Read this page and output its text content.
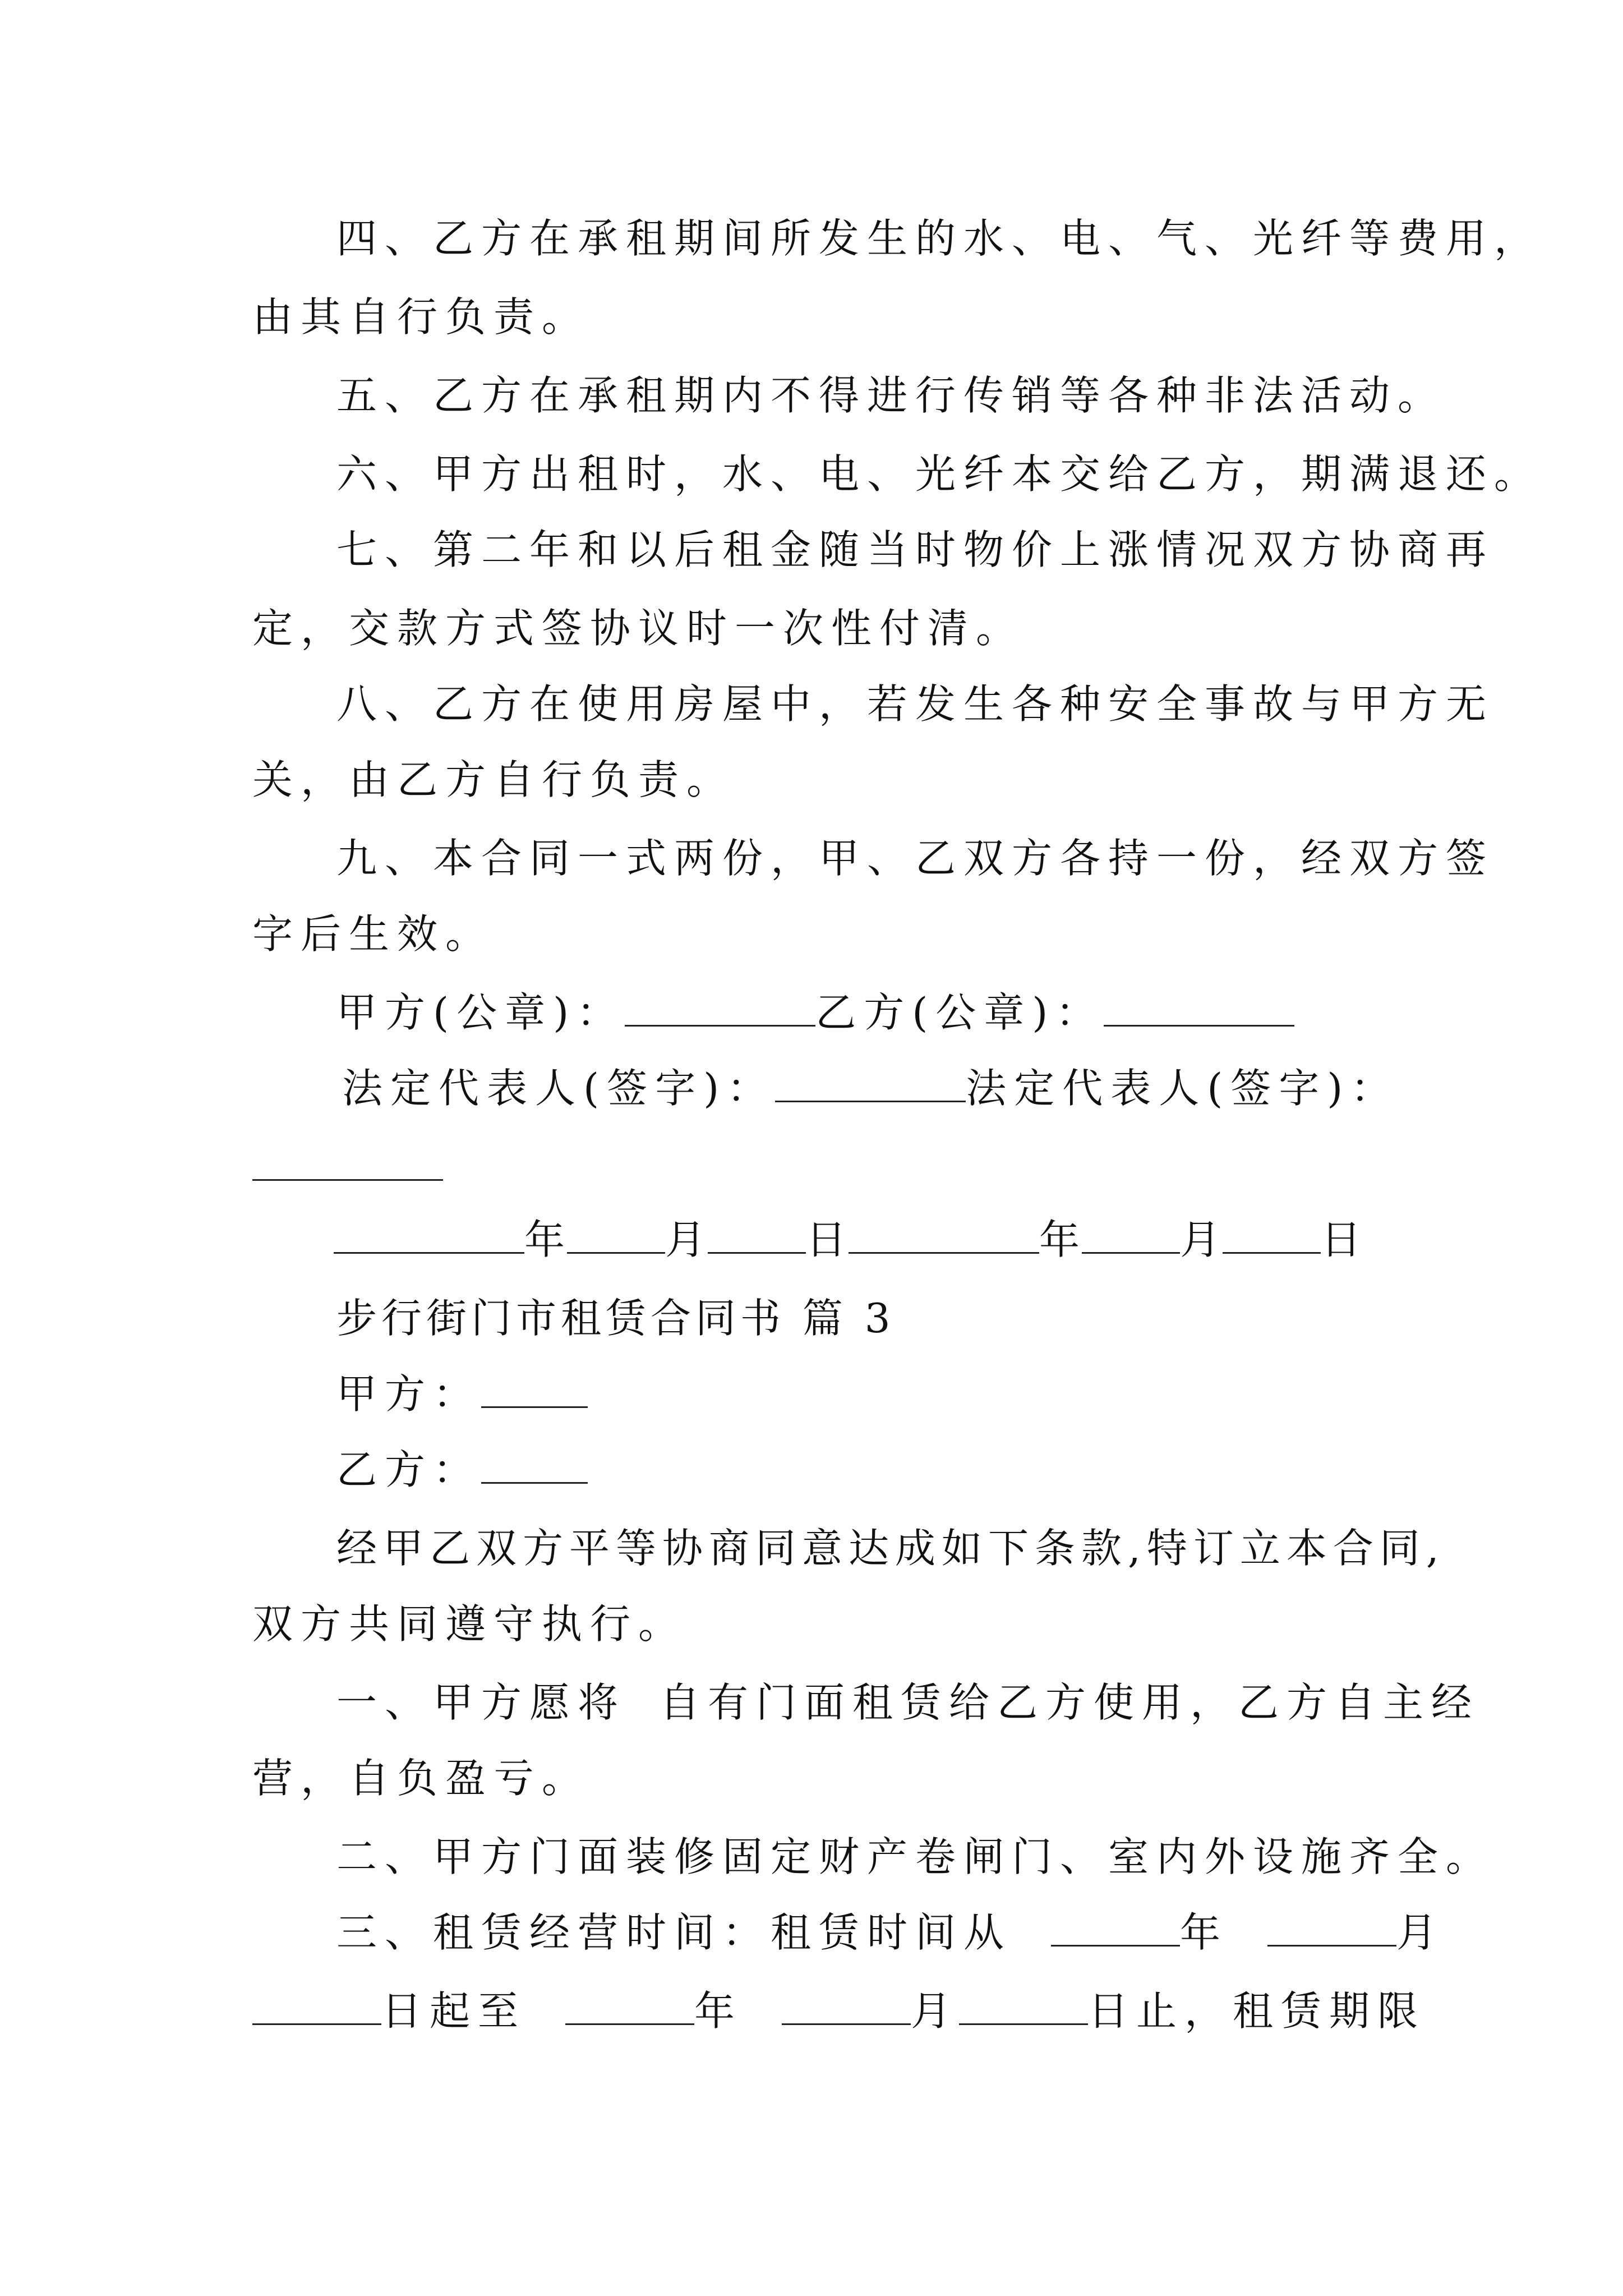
四、乙方在承租期间所发生的水、电、气、光纤等费用，
由其自行负责。
五、乙方在承租期内不得进行传销等各种非法活动。
六、甲方出租时，水、电、光纤本交给乙方，期满退还。
七、第二年和以后租金随当时物价上涨情况双方协商再
定，交款方式签协议时一次性付清。
八、乙方在使用房屋中，若发生各种安全事故与甲方无
关，由乙方自行负责。
九、本合同一式两份，甲、乙双方各持一份，经双方签
字后生效。
甲方(公章)：	乙方(公章)：
法定代表人(签字)：	法定代表人(签字)：
年 月 日	年 月 日
步行街门市租赁合同书 篇 3
甲方：
乙方：
经甲乙双方平等协商同意达成如下条款,特订立本合同,
双方共同遵守执行。
一、甲方愿将 自有门面租赁给乙方使用，乙方自主经
营，自负盈亏。
二、甲方门面装修固定财产卷闸门、室内外设施齐全。
三、租赁经营时间：租赁时间从	年	月
日起至	年	月	日止，租赁期限
